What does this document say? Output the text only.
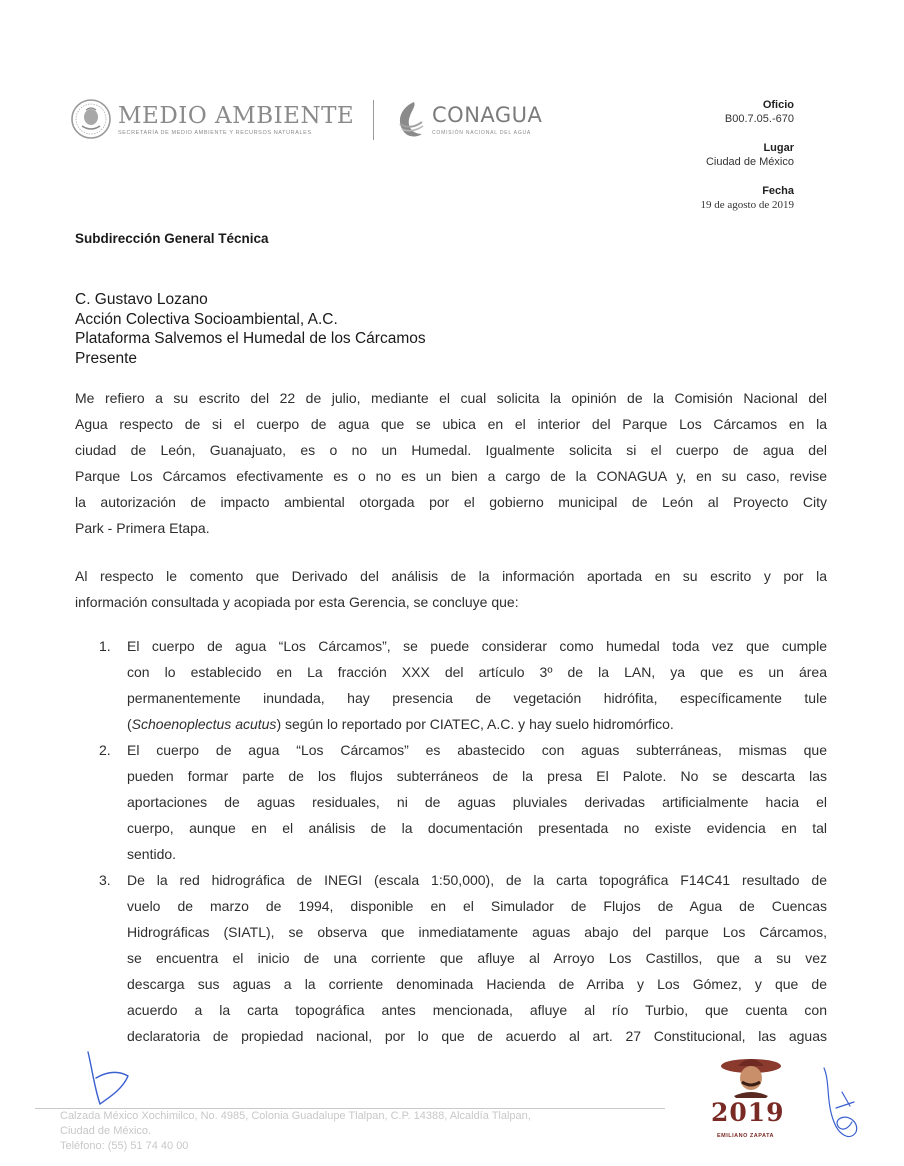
MEDIO AMBIENTE
SECRETARÍA DE MEDIO AMBIENTE Y RECURSOS NATURALES
CONAGUA
COMISIÓN NACIONAL DEL AGUA
Oficio
B00.7.05.-670
Lugar
Ciudad de México
Fecha
19 de agosto de 2019
Subdirección General Técnica
C. Gustavo Lozano
Acción Colectiva Socioambiental, A.C.
Plataforma Salvemos el Humedal de los Cárcamos
Presente
Me refiero a su escrito del 22 de julio, mediante el cual solicita la opinión de la Comisión Nacional del
Agua respecto de si el cuerpo de agua que se ubica en el interior del Parque Los Cárcamos en la
ciudad de León, Guanajuato, es o no un Humedal. Igualmente solicita si el cuerpo de agua del
Parque Los Cárcamos efectivamente es o no es un bien a cargo de la CONAGUA y, en su caso, revise
la autorización de impacto ambiental otorgada por el gobierno municipal de León al Proyecto City
Park - Primera Etapa.
Al respecto le comento que Derivado del análisis de la información aportada en su escrito y por la
información consultada y acopiada por esta Gerencia, se concluye que:
1. El cuerpo de agua “Los Cárcamos”, se puede considerar como humedal toda vez que cumple
con lo establecido en La fracción XXX del artículo 3º de la LAN, ya que es un área
permanentemente inundada, hay presencia de vegetación hidrófita, específicamente tule
(Schoenoplectus acutus) según lo reportado por CIATEC, A.C. y hay suelo hidromórfico.
2. El cuerpo de agua “Los Cárcamos” es abastecido con aguas subterráneas, mismas que
pueden formar parte de los flujos subterráneos de la presa El Palote. No se descarta las
aportaciones de aguas residuales, ni de aguas pluviales derivadas artificialmente hacia el
cuerpo, aunque en el análisis de la documentación presentada no existe evidencia en tal
sentido.
3. De la red hidrográfica de INEGI (escala 1:50,000), de la carta topográfica F14C41 resultado de
vuelo de marzo de 1994, disponible en el Simulador de Flujos de Agua de Cuencas
Hidrográficas (SIATL), se observa que inmediatamente aguas abajo del parque Los Cárcamos,
se encuentra el inicio de una corriente que afluye al Arroyo Los Castillos, que a su vez
descarga sus aguas a la corriente denominada Hacienda de Arriba y Los Gómez, y que de
acuerdo a la carta topográfica antes mencionada, afluye al río Turbio, que cuenta con
declaratoria de propiedad nacional, por lo que de acuerdo al art. 27 Constitucional, las aguas
Calzada México Xochimilco, No. 4985, Colonia Guadalupe Tlalpan, C.P. 14388, Alcaldía Tlalpan,
Ciudad de México.
Teléfono: (55) 51 74 40 00
2019
EMILIANO ZAPATA
